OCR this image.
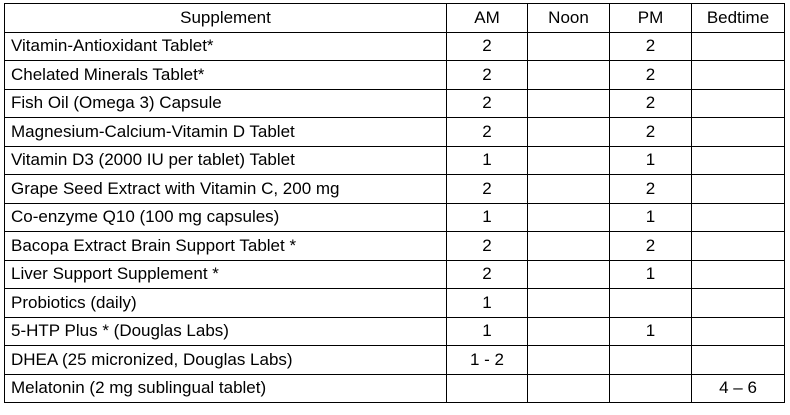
Supplement	AM	Noon	PM	Bedtime
Vitamin-Antioxidant Tablet*	2		2	
Chelated Minerals Tablet*	2		2	
Fish Oil (Omega 3) Capsule	2		2	
Magnesium-Calcium-Vitamin D Tablet	2		2	
Vitamin D3 (2000 IU per tablet) Tablet	1		1	
Grape Seed Extract with Vitamin C, 200 mg	2		2	
Co-enzyme Q10 (100 mg capsules)	1		1	
Bacopa Extract Brain Support Tablet *	2		2	
Liver Support Supplement *	2		1	
Probiotics (daily)	1			
5-HTP Plus * (Douglas Labs)	1		1	
DHEA (25 micronized, Douglas Labs)	1 - 2			
Melatonin (2 mg sublingual tablet)				4 – 6
